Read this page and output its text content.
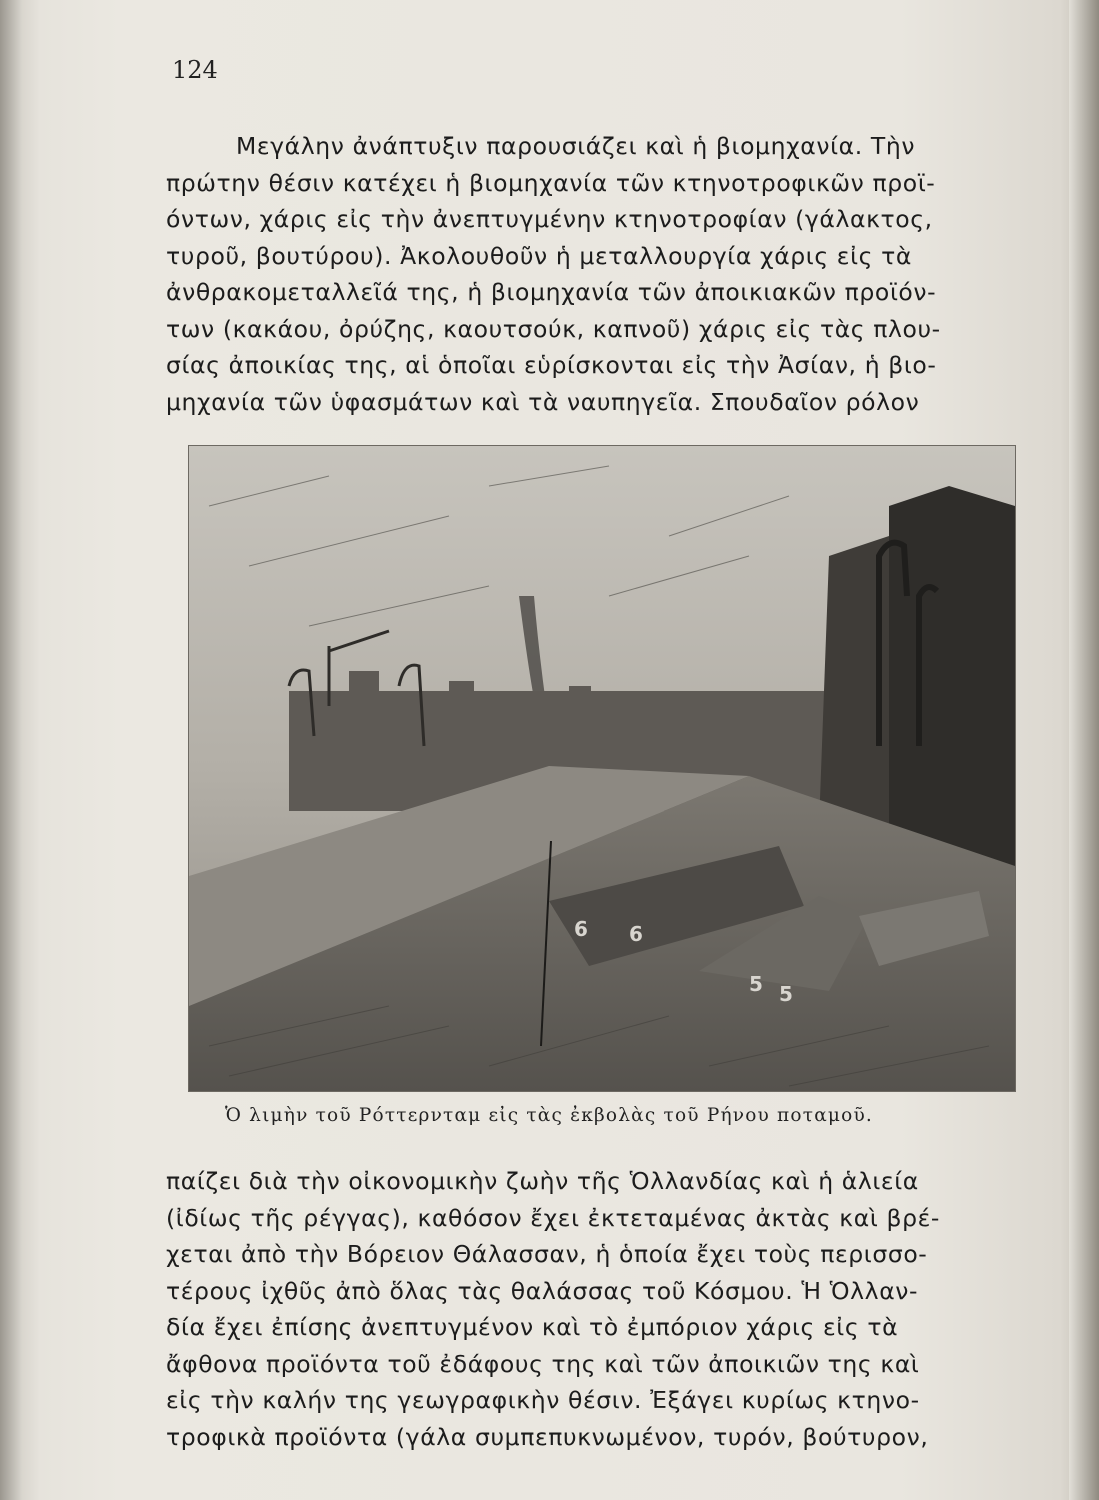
124
Μεγάλην ἀνάπτυξιν παρουσιάζει καὶ ἡ βιομηχανία. Τὴν
πρώτην θέσιν κατέχει ἡ βιομηχανία τῶν κτηνοτροφικῶν προϊ-
όντων, χάρις εἰς τὴν ἀνεπτυγμένην κτηνοτροφίαν (γάλακτος,
τυροῦ, βουτύρου). Ἀκολουθοῦν ἡ μεταλλουργία χάρις εἰς τὰ
ἀνθρακομεταλλεῖά της, ἡ βιομηχανία τῶν ἀποικιακῶν προϊόν-
των (κακάου, ὀρύζης, καουτσούκ, καπνοῦ) χάρις εἰς τὰς πλου-
σίας ἀποικίας της, αἱ ὁποῖαι εὑρίσκονται εἰς τὴν Ἀσίαν, ἡ βιο-
μηχανία τῶν ὑφασμάτων καὶ τὰ ναυπηγεῖα. Σπουδαῖον ρόλον
6 6
5 5
Ὁ λιμὴν τοῦ Ρόττερνταμ εἰς τὰς ἐκβολὰς τοῦ Ρήνου ποταμοῦ.
παίζει διὰ τὴν οἰκονομικὴν ζωὴν τῆς Ὁλλανδίας καὶ ἡ ἁλιεία
(ἰδίως τῆς ρέγγας), καθόσον ἔχει ἐκτεταμένας ἀκτὰς καὶ βρέ-
χεται ἀπὸ τὴν Βόρειον Θάλασσαν, ἡ ὁποία ἔχει τοὺς περισσο-
τέρους ἰχθῦς ἀπὸ ὅλας τὰς θαλάσσας τοῦ Κόσμου. Ἡ Ὁλλαν-
δία ἔχει ἐπίσης ἀνεπτυγμένον καὶ τὸ ἐμπόριον χάρις εἰς τὰ
ἄφθονα προϊόντα τοῦ ἐδάφους της καὶ τῶν ἀποικιῶν της καὶ
εἰς τὴν καλήν της γεωγραφικὴν θέσιν. Ἐξάγει κυρίως κτηνο-
τροφικὰ προϊόντα (γάλα συμπεπυκνωμένον, τυρόν, βούτυρον,
